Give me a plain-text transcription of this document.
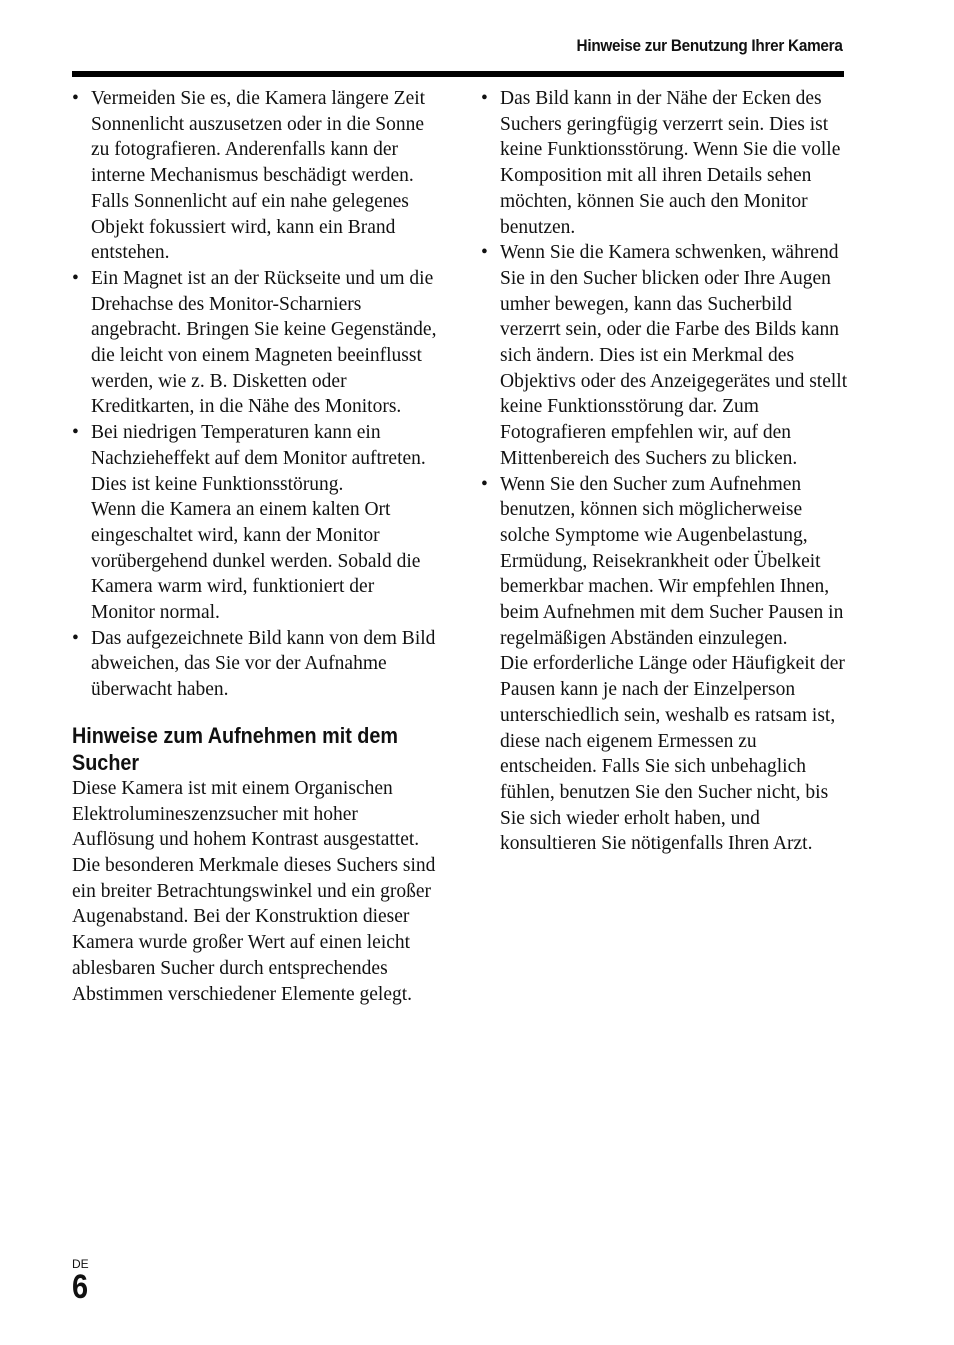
Hinweise zur Benutzung Ihrer Kamera
• Vermeiden Sie es, die Kamera längere Zeit Sonnenlicht auszusetzen oder in die Sonne zu fotografieren. Anderenfalls kann der interne Mechanismus beschädigt werden. Falls Sonnenlicht auf ein nahe gelegenes Objekt fokussiert wird, kann ein Brand entstehen.
• Ein Magnet ist an der Rückseite und um die Drehachse des Monitor-Scharniers angebracht. Bringen Sie keine Gegenstände, die leicht von einem Magneten beeinflusst werden, wie z. B. Disketten oder Kreditkarten, in die Nähe des Monitors.
• Bei niedrigen Temperaturen kann ein Nachzieheffekt auf dem Monitor auftreten. Dies ist keine Funktionsstörung.
Wenn die Kamera an einem kalten Ort eingeschaltet wird, kann der Monitor vorübergehend dunkel werden. Sobald die Kamera warm wird, funktioniert der Monitor normal.
• Das aufgezeichnete Bild kann von dem Bild abweichen, das Sie vor der Aufnahme überwacht haben.
Hinweise zum Aufnehmen mit dem Sucher

Diese Kamera ist mit einem Organischen Elektrolumineszenzsucher mit hoher Auflösung und hohem Kontrast ausgestattet. Die besonderen Merkmale dieses Suchers sind ein breiter Betrachtungswinkel und ein großer Augenabstand. Bei der Konstruktion dieser Kamera wurde großer Wert auf einen leicht ablesbaren Sucher durch entsprechendes Abstimmen verschiedener Elemente gelegt.

• Das Bild kann in der Nähe der Ecken des Suchers geringfügig verzerrt sein. Dies ist keine Funktionsstörung. Wenn Sie die volle Komposition mit all ihren Details sehen möchten, können Sie auch den Monitor benutzen.
• Wenn Sie die Kamera schwenken, während Sie in den Sucher blicken oder Ihre Augen umher bewegen, kann das Sucherbild verzerrt sein, oder die Farbe des Bilds kann sich ändern. Dies ist ein Merkmal des Objektivs oder des Anzeigegerätes und stellt keine Funktionsstörung dar. Zum Fotografieren empfehlen wir, auf den Mittenbereich des Suchers zu blicken.
• Wenn Sie den Sucher zum Aufnehmen benutzen, können sich möglicherweise solche Symptome wie Augenbelastung, Ermüdung, Reisekrankheit oder Übelkeit bemerkbar machen. Wir empfehlen Ihnen, beim Aufnehmen mit dem Sucher Pausen in regelmäßigen Abständen einzulegen.
Die erforderliche Länge oder Häufigkeit der Pausen kann je nach der Einzelperson unterschiedlich sein, weshalb es ratsam ist, diese nach eigenem Ermessen zu entscheiden. Falls Sie sich unbehaglich fühlen, benutzen Sie den Sucher nicht, bis Sie sich wieder erholt haben, und konsultieren Sie nötigenfalls Ihren Arzt.
DE
6
